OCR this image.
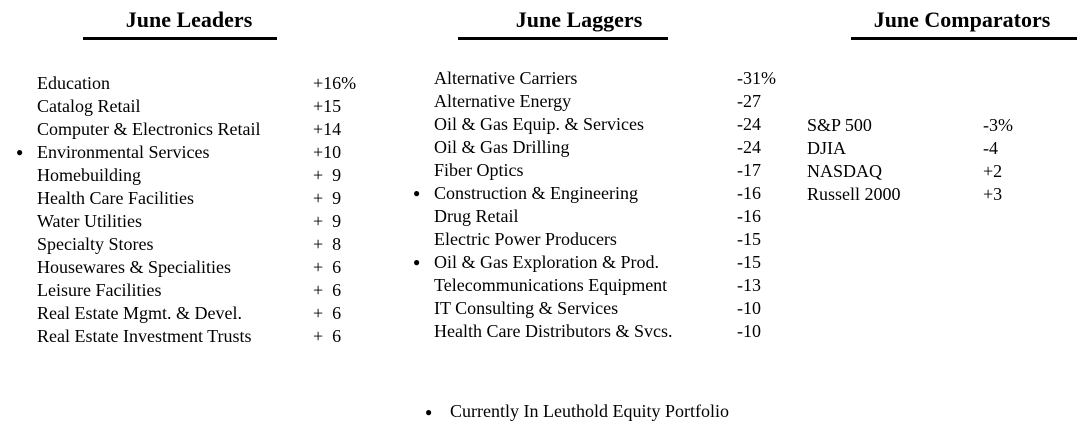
June Leaders	June Laggers	June Comparators
Education	+16%
Catalog Retail	+15
Computer & Electronics Retail	+14
● Environmental Services	+10
Homebuilding	+  9
Health Care Facilities	+  9
Water Utilities	+  9
Specialty Stores	+  8
Housewares & Specialities	+  6
Leisure Facilities	+  6
Real Estate Mgmt. & Devel.	+  6
Real Estate Investment Trusts	+  6
Alternative Carriers	-31%
Alternative Energy	-27
Oil & Gas Equip. & Services	-24
Oil & Gas Drilling	-24
Fiber Optics	-17
● Construction & Engineering	-16
Drug Retail	-16
Electric Power Producers	-15
● Oil & Gas Exploration & Prod.	-15
Telecommunications Equipment	-13
IT Consulting & Services	-10
Health Care Distributors & Svcs.	-10
S&P 500	-3%
DJIA	-4
NASDAQ	+2
Russell 2000	+3

● Currently In Leuthold Equity Portfolio
